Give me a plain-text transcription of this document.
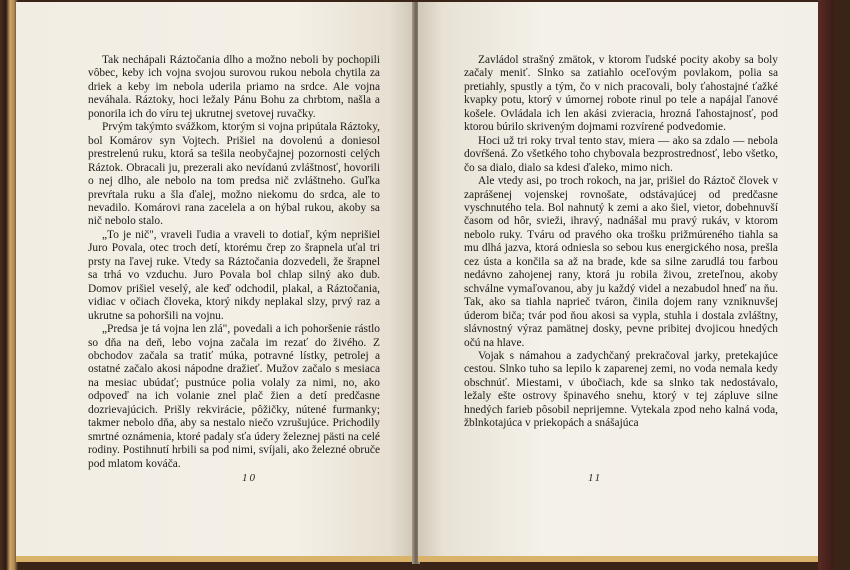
Tak nechápali Ráztočania dlho a možno neboli by pochopili vôbec, keby ich vojna svojou surovou rukou nebola chytila za driek a keby im nebola uderila priamo na srdce. Ale vojna neváhala. Ráztoky, hoci ležaly Pánu Bohu za chrbtom, našla a ponorila ich do víru tej ukrutnej svetovej ruvačky.

Prvým takýmto svážkom, ktorým si vojna pripútala Ráztoky, bol Komárov syn Vojtech. Prišiel na dovolenú a doniesol prestrelenú ruku, ktorá sa tešila neobyčajnej pozornosti celých Ráztok. Obracali ju, prezerali ako nevídanú zvláštnosť, hovorili o nej dlho, ale nebolo na tom predsa nič zvláštneho. Guľka prevŕtala ruku a šla ďalej, možno niekomu do srdca, ale to nevadilo. Komárovi rana zacelela a on hýbal rukou, akoby sa nič nebolo stalo.

„To je nič", vraveli ľudia a vraveli to dotiaľ, kým neprišiel Juro Povala, otec troch detí, ktorému črep zo šrapnela uťal tri prsty na ľavej ruke. Vtedy sa Ráztočania dozvedeli, že šrapnel sa trhá vo vzduchu. Juro Povala bol chlap silný ako dub. Domov prišiel veselý, ale keď odchodil, plakal, a Ráztočania, vidiac v očiach človeka, ktorý nikdy neplakal slzy, prvý raz a ukrutne sa pohoršili na vojnu.

„Predsa je tá vojna len zlá", povedali a ich pohoršenie rástlo so dňa na deň, lebo vojna začala im rezať do živého. Z obchodov začala sa tratiť múka, potravné lístky, petrolej a ostatné začalo akosi nápodne dražieť. Mužov začalo s mesiaca na mesiac ubúdať; pustnúce polia volaly za nimi, no, ako odpoveď na ich volanie znel plač žien a detí predčasne dozrievajúcich. Prišly rekvirácie, pôžičky, nútené furmanky; takmer nebolo dňa, aby sa nestalo niečo vzrušujúce. Prichodily smrtné oznámenia, ktoré padaly sťa údery železnej pästi na celé rodiny. Postihnutí hrbili sa pod nimi, svíjali, ako železné obruče pod mlatom kováča.

10

Zavládol strašný zmätok, v ktorom ľudské pocity akoby sa boly začaly meniť. Slnko sa zatiahlo oceľovým povlakom, polia sa pretiahly, spustly a tým, čo v nich pracovali, boly ťahostajné ťažké kvapky potu, ktorý v úmornej robote rinul po tele a napájal ľanové košele. Ovládala ich len akási zvieracia, hrozná ľahostajnosť, pod ktorou búrilo skriveným dojmami rozvírené podvedomie.

Hoci už tri roky trval tento stav, miera — ako sa zdalo — nebola dovŕšená. Zo všetkého toho chybovala bezprostrednosť, lebo všetko, čo sa dialo, dialo sa kdesi ďaleko, mimo nich.

Ale vtedy asi, po troch rokoch, na jar, prišiel do Ráztoč človek v zaprášenej vojenskej rovnošate, odstávajúcej od predčasne vyschnutého tela. Bol nahnutý k zemi a ako šiel, vietor, dobehnuvší časom od hôr, svieži, ihravý, nadnášal mu pravý rukáv, v ktorom nebolo ruky. Tváru od pravého oka trošku prižmúreného tiahla sa mu dlhá jazva, ktorá odniesla so sebou kus energického nosa, prešla cez ústa a končila sa až na brade, kde sa silne zarudlá tou farbou nedávno zahojenej rany, ktorá ju robila živou, zreteľnou, akoby schválne vymaľovanou, aby ju každý videl a nezabudol hneď na ňu. Tak, ako sa tiahla naprieč tváron, činila dojem rany vzniknuvšej úderom biča; tvár pod ňou akosi sa vypla, stuhla i dostala zvláštny, slávnostný výraz pamätnej dosky, pevne pribitej dvojicou hnedých očú na hlave.

Vojak s námahou a zadychčaný prekračoval jarky, pretekajúce cestou. Slnko tuho sa lepilo k zaparenej zemi, no voda nemala kedy obschnúť. Miestami, v úbočiach, kde sa slnko tak nedostávalo, ležaly ešte ostrovy špinavého snehu, ktorý v tej zápluve silne hnedých farieb pôsobil neprijemne. Vytekala zpod neho kalná voda, žblnkotajúca v priekopách a snášajúca

11
